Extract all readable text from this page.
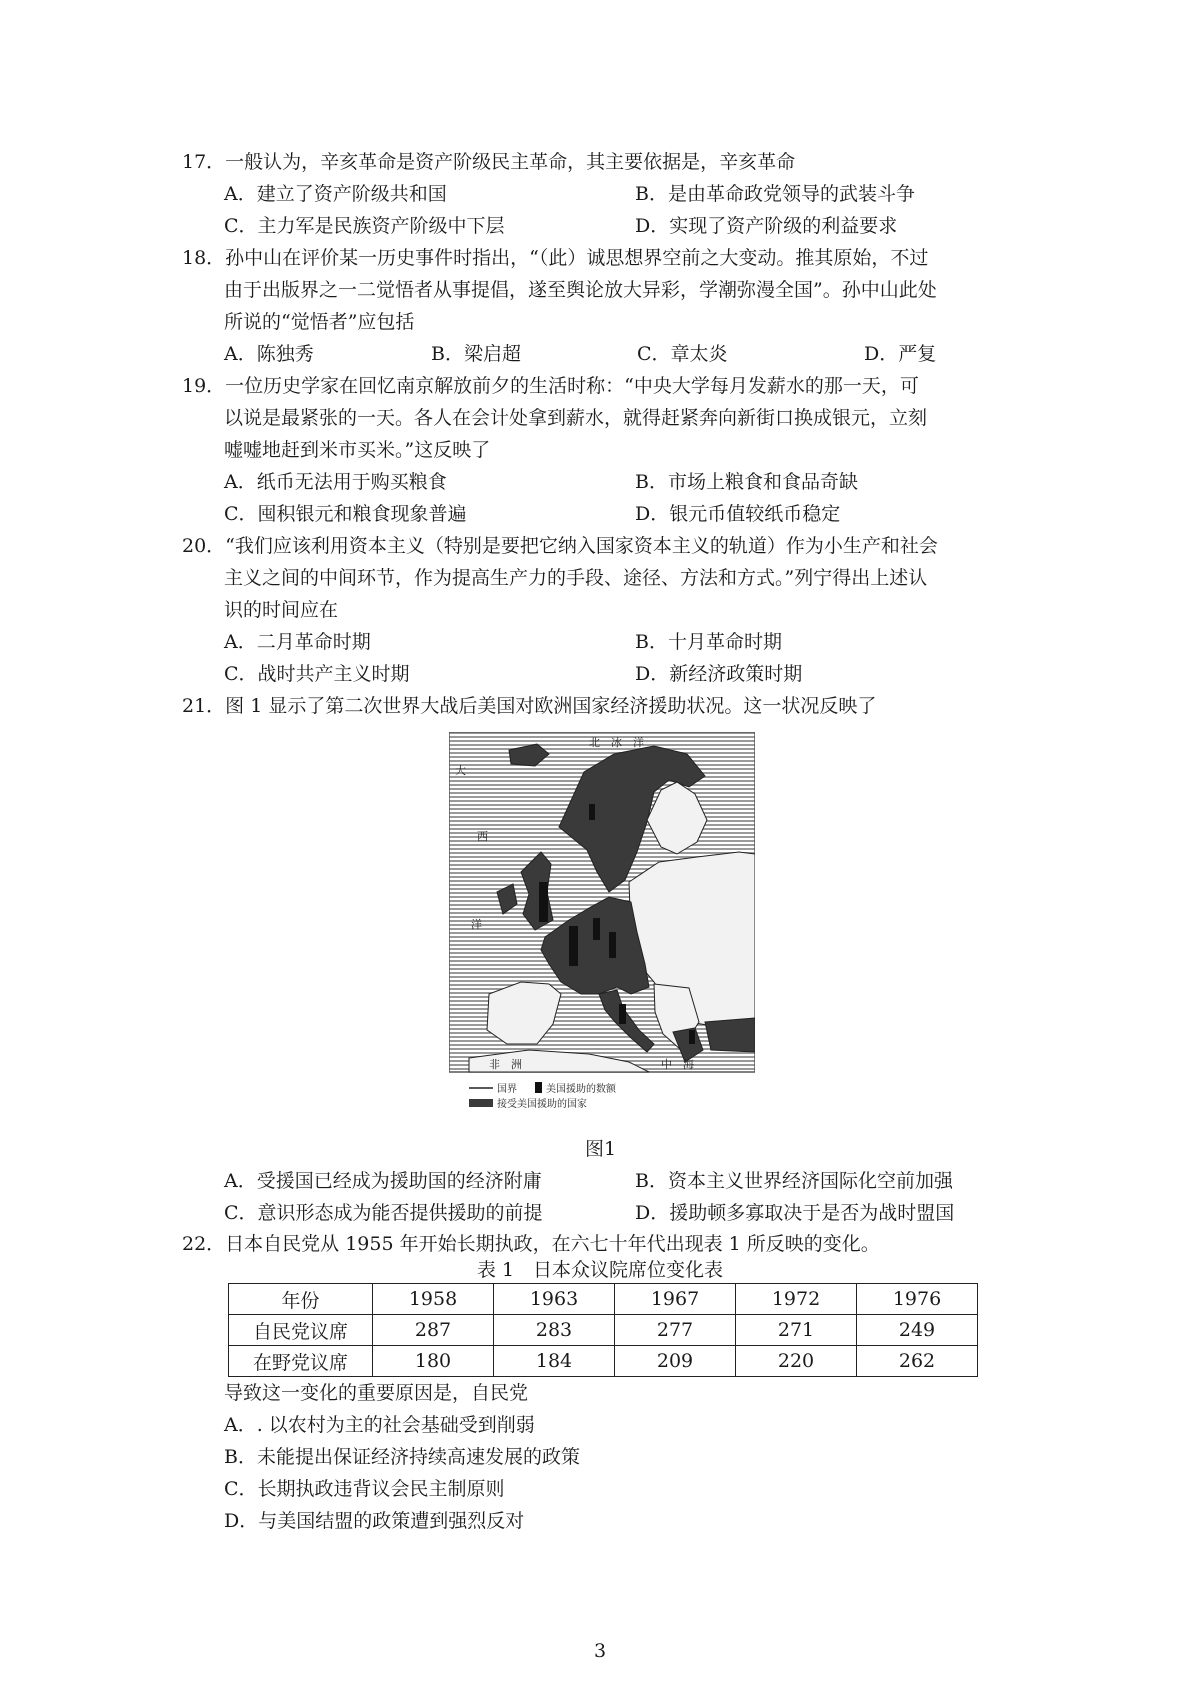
17．一般认为，辛亥革命是资产阶级民主革命，其主要依据是，辛亥革命
A．建立了资产阶级共和国	B．是由革命政党领导的武装斗争
C．主力军是民族资产阶级中下层	D．实现了资产阶级的利益要求
18．孙中山在评价某一历史事件时指出，“（此）诚思想界空前之大变动。推其原始，不过
由于出版界之一二觉悟者从事提倡，遂至舆论放大异彩，学潮弥漫全国”。孙中山此处
所说的“觉悟者”应包括
A．陈独秀	B．梁启超	C．章太炎	D．严复
19．一位历史学家在回忆南京解放前夕的生活时称：“中央大学每月发薪水的那一天，可
以说是最紧张的一天。各人在会计处拿到薪水，就得赶紧奔向新街口换成银元，立刻
嘘嘘地赶到米市买米。”这反映了
A．纸币无法用于购买粮食	B．市场上粮食和食品奇缺
C．囤积银元和粮食现象普遍	D．银元币值较纸币稳定
20．“我们应该利用资本主义（特别是要把它纳入国家资本主义的轨道）作为小生产和社会
主义之间的中间环节，作为提高生产力的手段、途径、方法和方式。”列宁得出上述认
识的时间应在
A．二月革命时期	B．十月革命时期
C．战时共产主义时期	D．新经济政策时期
21．图 1 显示了第二次世界大战后美国对欧洲国家经济援助状况。这一状况反映了
北　冰　洋
大
西
洋
非　洲	中　海
国界	美国援助的数额
接受美国援助的国家
图1
A．受援国已经成为援助国的经济附庸	B．资本主义世界经济国际化空前加强
C．意识形态成为能否提供援助的前提	D．援助顿多寡取决于是否为战时盟国
22．日本自民党从 1955 年开始长期执政，在六七十年代出现表 1 所反映的变化。
表 1　日本众议院席位变化表
年份	1958	1963	1967	1972	1976
自民党议席	287	283	277	271	249
在野党议席	180	184	209	220	262
导致这一变化的重要原因是，自民党
A．. 以农村为主的社会基础受到削弱
B．未能提出保证经济持续高速发展的政策
C．长期执政违背议会民主制原则
D．与美国结盟的政策遭到强烈反对
3
